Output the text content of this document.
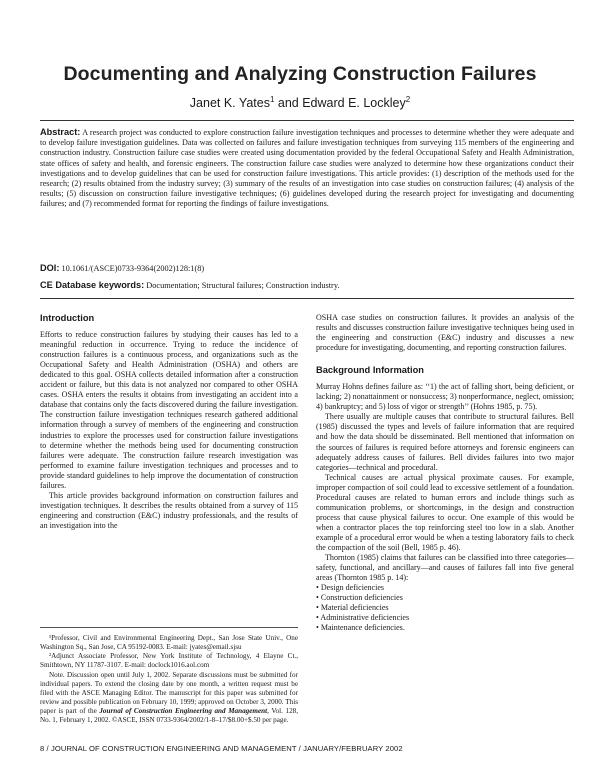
Documenting and Analyzing Construction Failures
Janet K. Yates$^1$ and Edward E. Lockley$^2$
Abstract: A research project was conducted to explore construction failure investigation techniques and processes to determine whether they were adequate and to develop failure investigation guidelines. Data was collected on failures and failure investigation techniques from surveying 115 members of the engineering and construction industry. Construction failure case studies were created using documentation provided by the federal Occupational Safety and Health Administration, state offices of safety and health, and forensic engineers. The construction failure case studies were analyzed to determine how these organizations conduct their investigations and to develop guidelines that can be used for construction failure investigations. This article provides: (1) description of the methods used for the research; (2) results obtained from the industry survey; (3) summary of the results of an investigation into case studies on construction failures; (4) analysis of the results; (5) discussion on construction failure investigative techniques; (6) guidelines developed during the research project for investigating and documenting failures; and (7) recommended format for reporting the findings of failure investigations.
DOI: 10.1061/(ASCE)0733-9364(2002)128:1(8)
CE Database keywords: Documentation; Structural failures; Construction industry.

Introduction

Efforts to reduce construction failures by studying their causes has led to a meaningful reduction in occurrence. Trying to reduce the incidence of construction failures is a continuous process, and organizations such as the Occupational Safety and Health Administration (OSHA) and others are dedicated to this goal. OSHA collects detailed information after a construction accident or failure, but this data is not analyzed nor compared to other OSHA cases. OSHA enters the results it obtains from investigating an accident into a database that contains only the facts discovered during the failure investigation. The construction failure investigation techniques research gathered additional information through a survey of members of the engineering and construction industries to explore the processes used for construction failure investigations to determine whether the methods being used for documenting construction failures were adequate. The construction failure research investigation was performed to examine failure investigation techniques and processes and to provide standard guidelines to help improve the documentation of construction failures.

This article provides background information on construction failures and investigation techniques. It describes the results obtained from a survey of 115 engineering and construction (E&C) industry professionals, and the results of an investigation into the

¹Professor, Civil and Environmental Engineering Dept., San Jose State Univ., One Washington Sq., San Jose, CA 95192-0083. E-mail: jyates@email.sjsu

²Adjunct Associate Professor, New York Institute of Technology, 4 Elayne Ct., Smithtown, NY 11787-3107. E-mail: doclock1016.aol.com

Note. Discussion open until July 1, 2002. Separate discussions must be submitted for individual papers. To extend the closing date by one month, a written request must be filed with the ASCE Managing Editor. The manuscript for this paper was submitted for review and possible publication on February 10, 1999; approved on October 3, 2000. This paper is part of the Journal of Construction Engineering and Management, Vol. 128, No. 1, February 1, 2002. ©ASCE, ISSN 0733-9364/2002/1-8–17/$8.00+$.50 per page.

OSHA case studies on construction failures. It provides an analysis of the results and discusses construction failure investigative techniques being used in the engineering and construction (E&C) industry and discusses a new procedure for investigating, documenting, and reporting construction failures.

Background Information

Murray Hohns defines failure as: ‘‘1) the act of falling short, being deficient, or lacking; 2) nonattainment or nonsuccess; 3) nonperformance, neglect, omission; 4) bankruptcy; and 5) loss of vigor or strength’’ (Hohns 1985, p. 75).

There usually are multiple causes that contribute to structural failures. Bell (1985) discussed the types and levels of failure information that are required and how the data should be disseminated. Bell mentioned that information on the sources of failures is required before attorneys and forensic engineers can adequately address causes of failures. Bell divides failures into two major categories—technical and procedural.

Technical causes are actual physical proximate causes. For example, improper compaction of soil could lead to excessive settlement of a foundation. Procedural causes are related to human errors and include things such as communication problems, or shortcomings, in the design and construction process that cause physical failures to occur. One example of this would be when a contractor places the top reinforcing steel too low in a slab. Another example of a procedural error would be when a testing laboratory fails to check the compaction of the soil (Bell, 1985 p. 46).

Thornton (1985) claims that failures can be classified into three categories—safety, functional, and ancillary—and causes of failures fall into five general areas (Thornton 1985 p. 14):

• Design deficiencies
• Construction deficiencies
• Material deficiencies
• Administrative deficiencies
• Maintenance deficiencies.
8 / JOURNAL OF CONSTRUCTION ENGINEERING AND MANAGEMENT / JANUARY/FEBRUARY 2002
